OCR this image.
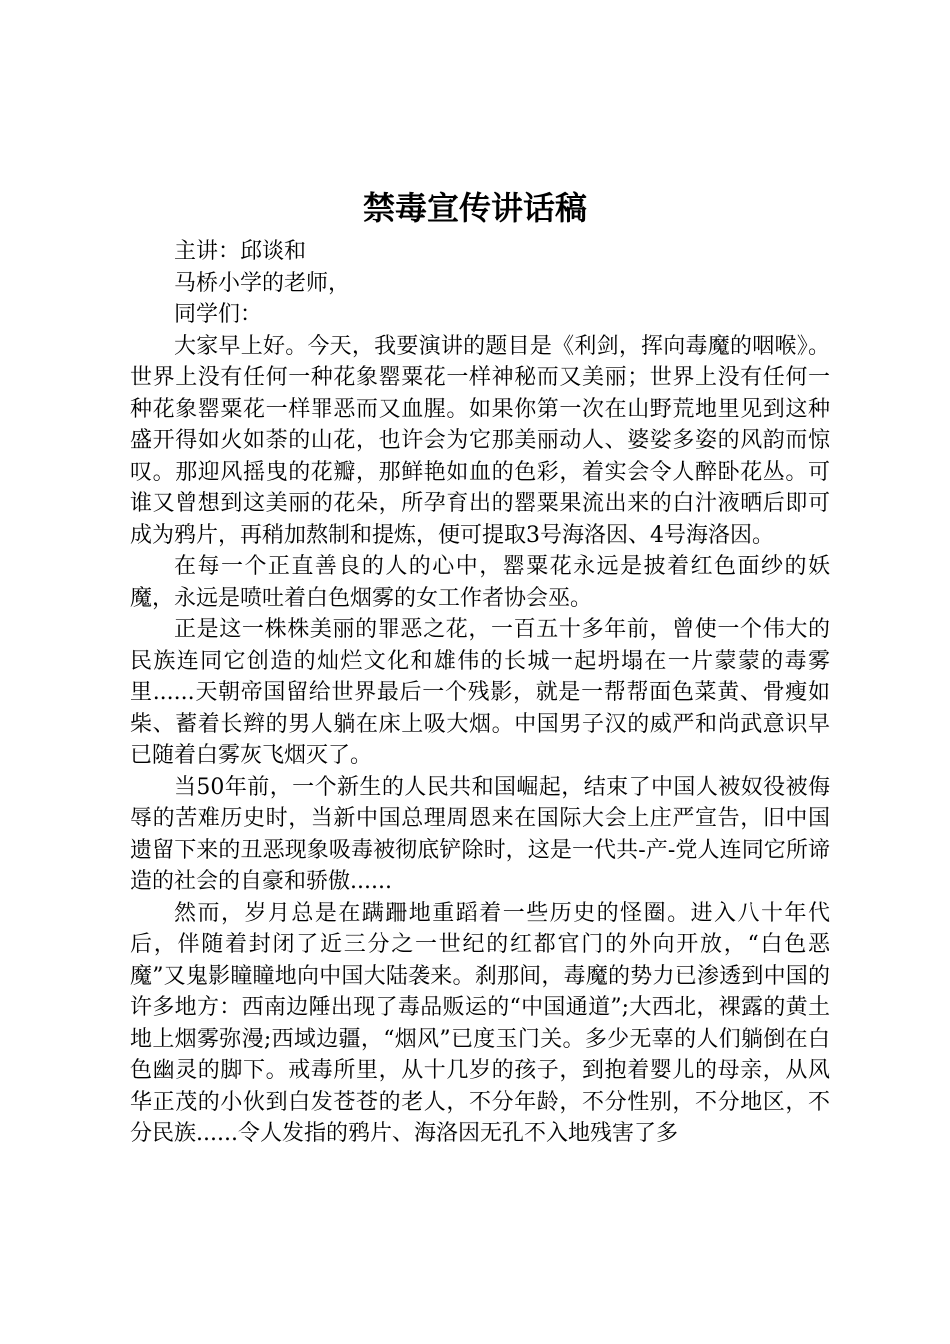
禁毒宣传讲话稿

主讲：邱谈和

马桥小学的老师，

同学们：

大家早上好。今天，我要演讲的题目是《利剑，挥向毒魔的咽喉》。世界上没有任何一种花象罂粟花一样神秘而又美丽；世界上没有任何一种花象罂粟花一样罪恶而又血腥。如果你第一次在山野荒地里见到这种盛开得如火如荼的山花，也许会为它那美丽动人、婆娑多姿的风韵而惊叹。那迎风摇曳的花瓣，那鲜艳如血的色彩，着实会令人醉卧花丛。可谁又曾想到这美丽的花朵，所孕育出的罂粟果流出来的白汁液晒后即可成为鸦片，再稍加熬制和提炼，便可提取3号海洛因、4号海洛因。

在每一个正直善良的人的心中，罂粟花永远是披着红色面纱的妖魔，永远是喷吐着白色烟雾的女工作者协会巫。

正是这一株株美丽的罪恶之花，一百五十多年前，曾使一个伟大的民族连同它创造的灿烂文化和雄伟的长城一起坍塌在一片蒙蒙的毒雾里......天朝帝国留给世界最后一个残影，就是一帮帮面色菜黄、骨瘦如柴、蓄着长辫的男人躺在床上吸大烟。中国男子汉的威严和尚武意识早已随着白雾灰飞烟灭了。

当50年前，一个新生的人民共和国崛起，结束了中国人被奴役被侮辱的苦难历史时，当新中国总理周恩来在国际大会上庄严宣告，旧中国遗留下来的丑恶现象吸毒被彻底铲除时，这是一代共-产-党人连同它所谛造的社会的自豪和骄傲......

然而，岁月总是在蹒跚地重蹈着一些历史的怪圈。进入八十年代后，伴随着封闭了近三分之一世纪的红都官门的外向开放，“白色恶魔”又鬼影瞳瞳地向中国大陆袭来。刹那间，毒魔的势力已渗透到中国的许多地方：西南边陲出现了毒品贩运的“中国通道”;大西北，裸露的黄土地上烟雾弥漫;西域边疆，“烟风”已度玉门关。多少无辜的人们躺倒在白色幽灵的脚下。戒毒所里，从十几岁的孩子，到抱着婴儿的母亲，从风华正茂的小伙到白发苍苍的老人，不分年龄，不分性别，不分地区，不分民族......令人发指的鸦片、海洛因无孔不入地残害了多
